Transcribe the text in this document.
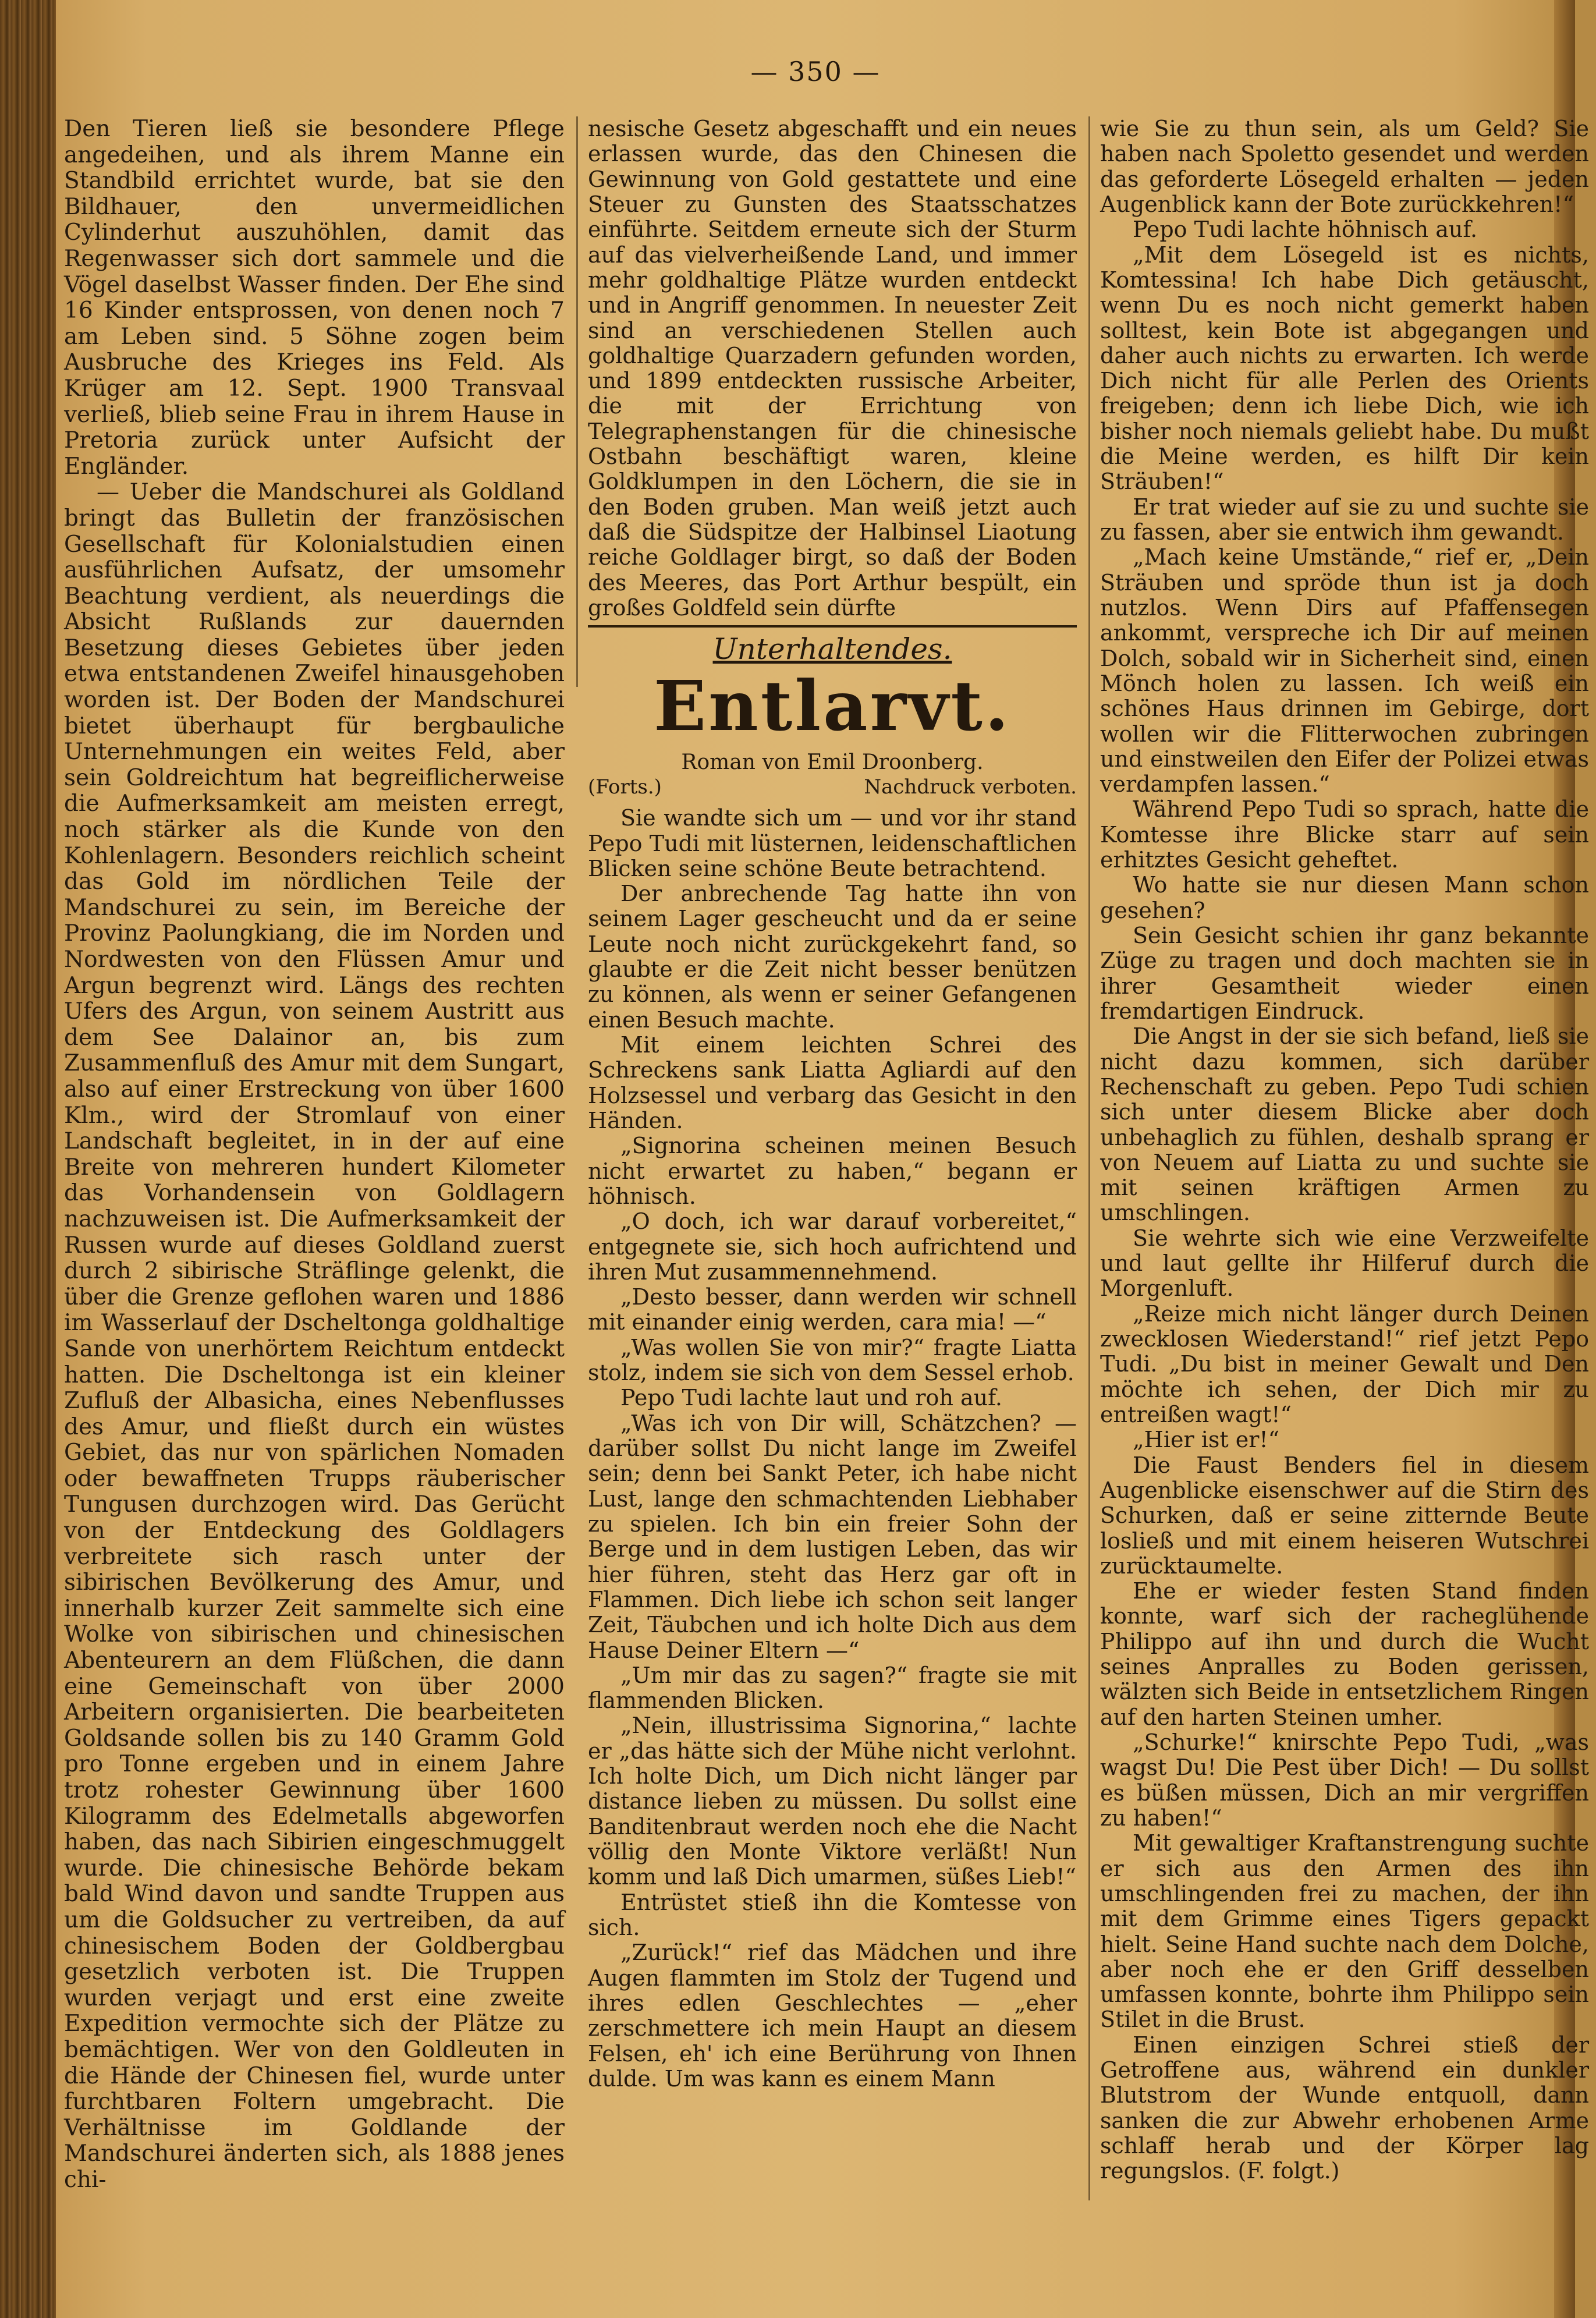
— 350 —

Den Tieren ließ sie besondere Pflege angedeihen, und als ihrem Manne ein Standbild errichtet wurde, bat sie den Bildhauer, den unvermeidlichen Cylinderhut auszuhöhlen, damit das Regenwasser sich dort sammele und die Vögel daselbst Wasser finden. Der Ehe sind 16 Kinder entsprossen, von denen noch 7 am Leben sind. 5 Söhne zogen beim Ausbruche des Krieges ins Feld. Als Krüger am 12. Sept. 1900 Transvaal verließ, blieb seine Frau in ihrem Hause in Pretoria zurück unter Aufsicht der Engländer.

— Ueber die Mandschurei als Goldland bringt das Bulletin der französischen Gesellschaft für Kolonialstudien einen ausführlichen Aufsatz, der umsomehr Beachtung verdient, als neuerdings die Absicht Rußlands zur dauernden Besetzung dieses Gebietes über jeden etwa entstandenen Zweifel hinausgehoben worden ist. Der Boden der Mandschurei bietet überhaupt für bergbauliche Unternehmungen ein weites Feld, aber sein Goldreichtum hat begreiflicherweise die Aufmerksamkeit am meisten erregt, noch stärker als die Kunde von den Kohlenlagern. Besonders reichlich scheint das Gold im nördlichen Teile der Mandschurei zu sein, im Bereiche der Provinz Paolungkiang, die im Norden und Nordwesten von den Flüssen Amur und Argun begrenzt wird. Längs des rechten Ufers des Argun, von seinem Austritt aus dem See Dalainor an, bis zum Zusammenfluß des Amur mit dem Sungart, also auf einer Erstreckung von über 1600 Klm., wird der Stromlauf von einer Landschaft begleitet, in in der auf eine Breite von mehreren hundert Kilometer das Vorhandensein von Goldlagern nachzuweisen ist. Die Aufmerksamkeit der Russen wurde auf dieses Goldland zuerst durch 2 sibirische Sträflinge gelenkt, die über die Grenze geflohen waren und 1886 im Wasserlauf der Dscheltonga goldhaltige Sande von unerhörtem Reichtum entdeckt hatten. Die Dscheltonga ist ein kleiner Zufluß der Albasicha, eines Nebenflusses des Amur, und fließt durch ein wüstes Gebiet, das nur von spärlichen Nomaden oder bewaffneten Trupps räuberischer Tungusen durchzogen wird. Das Gerücht von der Entdeckung des Goldlagers verbreitete sich rasch unter der sibirischen Bevölkerung des Amur, und innerhalb kurzer Zeit sammelte sich eine Wolke von sibirischen und chinesischen Abenteurern an dem Flüßchen, die dann eine Gemeinschaft von über 2000 Arbeitern organisierten. Die bearbeiteten Goldsande sollen bis zu 140 Gramm Gold pro Tonne ergeben und in einem Jahre trotz rohester Gewinnung über 1600 Kilogramm des Edelmetalls abgeworfen haben, das nach Sibirien eingeschmuggelt wurde. Die chinesische Behörde bekam bald Wind davon und sandte Truppen aus um die Goldsucher zu vertreiben, da auf chinesischem Boden der Goldbergbau gesetzlich verboten ist. Die Truppen wurden verjagt und erst eine zweite Expedition vermochte sich der Plätze zu bemächtigen. Wer von den Goldleuten in die Hände der Chinesen fiel, wurde unter furchtbaren Foltern umgebracht. Die Verhältnisse im Goldlande der Mandschurei änderten sich, als 1888 jenes chi-

nesische Gesetz abgeschafft und ein neues erlassen wurde, das den Chinesen die Gewinnung von Gold gestattete und eine Steuer zu Gunsten des Staatsschatzes einführte. Seitdem erneute sich der Sturm auf das vielverheißende Land, und immer mehr goldhaltige Plätze wurden entdeckt und in Angriff genommen. In neuester Zeit sind an verschiedenen Stellen auch goldhaltige Quarzadern gefunden worden, und 1899 entdeckten russische Arbeiter, die mit der Errichtung von Telegraphenstangen für die chinesische Ostbahn beschäftigt waren, kleine Goldklumpen in den Löchern, die sie in den Boden gruben. Man weiß jetzt auch daß die Südspitze der Halbinsel Liaotung reiche Goldlager birgt, so daß der Boden des Meeres, das Port Arthur bespült, ein großes Goldfeld sein dürfte

Unterhaltendes.
Entlarvt.
Roman von Emil Droonberg.
(Forts.)	Nachdruck verboten.

Sie wandte sich um — und vor ihr stand Pepo Tudi mit lüsternen, leidenschaftlichen Blicken seine schöne Beute betrachtend.

Der anbrechende Tag hatte ihn von seinem Lager gescheucht und da er seine Leute noch nicht zurückgekehrt fand, so glaubte er die Zeit nicht besser benützen zu können, als wenn er seiner Gefangenen einen Besuch machte.

Mit einem leichten Schrei des Schreckens sank Liatta Agliardi auf den Holzsessel und verbarg das Gesicht in den Händen.

„Signorina scheinen meinen Besuch nicht erwartet zu haben,“ begann er höhnisch.

„O doch, ich war darauf vorbereitet,“ entgegnete sie, sich hoch aufrichtend und ihren Mut zusammennehmend.

„Desto besser, dann werden wir schnell mit einander einig werden, cara mia! —“

„Was wollen Sie von mir?“ fragte Liatta stolz, indem sie sich von dem Sessel erhob.

Pepo Tudi lachte laut und roh auf.

„Was ich von Dir will, Schätzchen? — darüber sollst Du nicht lange im Zweifel sein; denn bei Sankt Peter, ich habe nicht Lust, lange den schmachtenden Liebhaber zu spielen. Ich bin ein freier Sohn der Berge und in dem lustigen Leben, das wir hier führen, steht das Herz gar oft in Flammen. Dich liebe ich schon seit langer Zeit, Täubchen und ich holte Dich aus dem Hause Deiner Eltern —“

„Um mir das zu sagen?“ fragte sie mit flammenden Blicken.

„Nein, illustrissima Signorina,“ lachte er „das hätte sich der Mühe nicht verlohnt. Ich holte Dich, um Dich nicht länger par distance lieben zu müssen. Du sollst eine Banditenbraut werden noch ehe die Nacht völlig den Monte Viktore verläßt! Nun komm und laß Dich umarmen, süßes Lieb!“

Entrüstet stieß ihn die Komtesse von sich.

„Zurück!“ rief das Mädchen und ihre Augen flammten im Stolz der Tugend und ihres edlen Geschlechtes — „eher zerschmettere ich mein Haupt an diesem Felsen, eh' ich eine Berührung von Ihnen dulde. Um was kann es einem Mann

wie Sie zu thun sein, als um Geld? Sie haben nach Spoletto gesendet und werden das geforderte Lösegeld erhalten — jeden Augenblick kann der Bote zurückkehren!“

Pepo Tudi lachte höhnisch auf.

„Mit dem Lösegeld ist es nichts, Komtessina! Ich habe Dich getäuscht, wenn Du es noch nicht gemerkt haben solltest, kein Bote ist abgegangen und daher auch nichts zu erwarten. Ich werde Dich nicht für alle Perlen des Orients freigeben; denn ich liebe Dich, wie ich bisher noch niemals geliebt habe. Du mußt die Meine werden, es hilft Dir kein Sträuben!“

Er trat wieder auf sie zu und suchte sie zu fassen, aber sie entwich ihm gewandt.

„Mach keine Umstände,“ rief er, „Dein Sträuben und spröde thun ist ja doch nutzlos. Wenn Dirs auf Pfaffensegen ankommt, verspreche ich Dir auf meinen Dolch, sobald wir in Sicherheit sind, einen Mönch holen zu lassen. Ich weiß ein schönes Haus drinnen im Gebirge, dort wollen wir die Flitterwochen zubringen und einstweilen den Eifer der Polizei etwas verdampfen lassen.“

Während Pepo Tudi so sprach, hatte die Komtesse ihre Blicke starr auf sein erhitztes Gesicht geheftet.

Wo hatte sie nur diesen Mann schon gesehen?

Sein Gesicht schien ihr ganz bekannte Züge zu tragen und doch machten sie in ihrer Gesamtheit wieder einen fremdartigen Eindruck.

Die Angst in der sie sich befand, ließ sie nicht dazu kommen, sich darüber Rechenschaft zu geben. Pepo Tudi schien sich unter diesem Blicke aber doch unbehaglich zu fühlen, deshalb sprang er von Neuem auf Liatta zu und suchte sie mit seinen kräftigen Armen zu umschlingen.

Sie wehrte sich wie eine Verzweifelte und laut gellte ihr Hilferuf durch die Morgenluft.

„Reize mich nicht länger durch Deinen zwecklosen Wiederstand!“ rief jetzt Pepo Tudi. „Du bist in meiner Gewalt und Den möchte ich sehen, der Dich mir zu entreißen wagt!“

„Hier ist er!“

Die Faust Benders fiel in diesem Augenblicke eisenschwer auf die Stirn des Schurken, daß er seine zitternde Beute losließ und mit einem heiseren Wutschrei zurücktaumelte.

Ehe er wieder festen Stand finden konnte, warf sich der racheglühende Philippo auf ihn und durch die Wucht seines Anpralles zu Boden gerissen, wälzten sich Beide in entsetzlichem Ringen auf den harten Steinen umher.

„Schurke!“ knirschte Pepo Tudi, „was wagst Du! Die Pest über Dich! — Du sollst es büßen müssen, Dich an mir vergriffen zu haben!“

Mit gewaltiger Kraftanstrengung suchte er sich aus den Armen des ihn umschlingenden frei zu machen, der ihn mit dem Grimme eines Tigers gepackt hielt. Seine Hand suchte nach dem Dolche, aber noch ehe er den Griff desselben umfassen konnte, bohrte ihm Philippo sein Stilet in die Brust.

Einen einzigen Schrei stieß der Getroffene aus, während ein dunkler Blutstrom der Wunde entquoll, dann sanken die zur Abwehr erhobenen Arme schlaff herab und der Körper lag regungslos. (F. folgt.)
